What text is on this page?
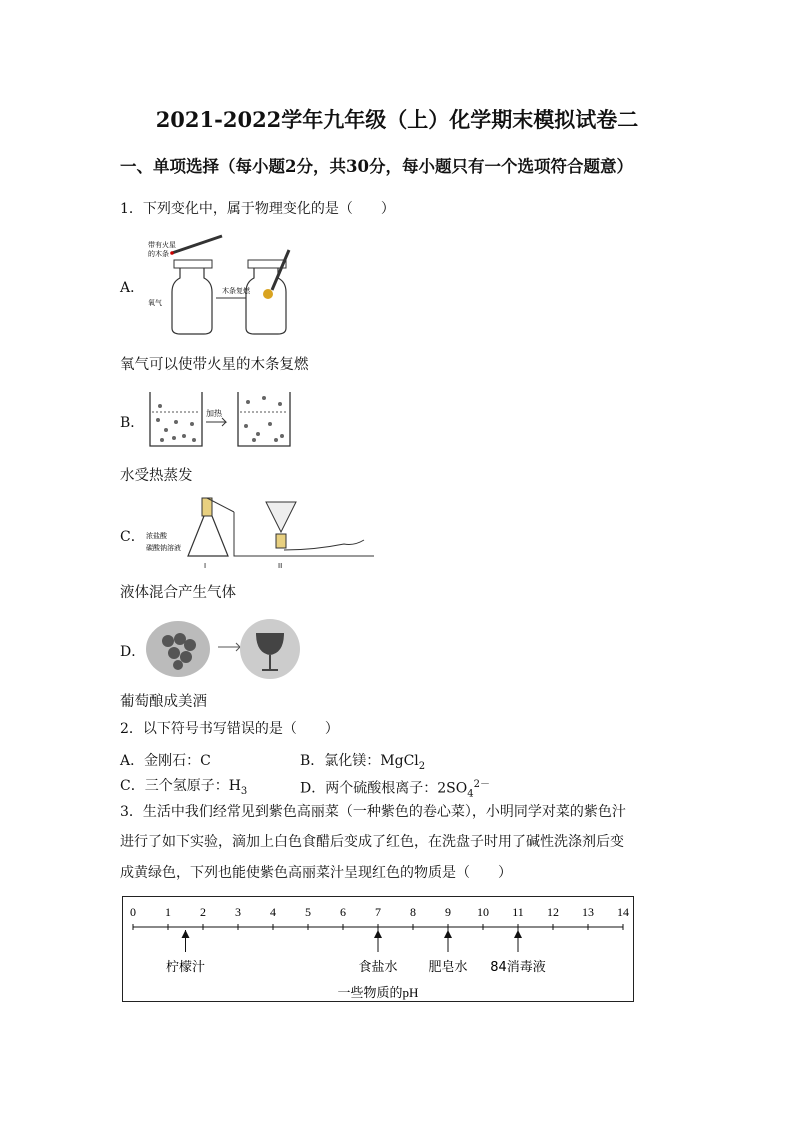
2021-2022学年九年级（上）化学期末模拟试卷二
一、单项选择（每小题2分，共30分，每小题只有一个选项符合题意）
1．下列变化中，属于物理变化的是（　　）
A．
带有火星
的木条
氧气
木条复燃
氧气可以使带火星的木条复燃
B．
加热
水受热蒸发
C． 浓盐酸
碳酸钠溶液
I	II
液体混合产生气体
D．
葡萄酿成美酒
2．以下符号书写错误的是（　　）
A．金刚石：C	B．氯化镁：MgCl$_2$
C．三个氢原子：$H_3$	D．两个硫酸根离子：$2SO_4^{2-}$
3．生活中我们经常见到紫色高丽菜（一种紫色的卷心菜），小明同学对菜的紫色汁
进行了如下实验，滴加上白色食醋后变成了红色，在洗盘子时用了碱性洗涤剂后变
成黄绿色，下列也能使紫色高丽菜汁呈现红色的物质是（　　）
0 1 2 3 4 5 6 7 8 9 10 11 12 13 14
柠檬汁	食盐水 肥皂水 84消毒液
一些物质的pH
